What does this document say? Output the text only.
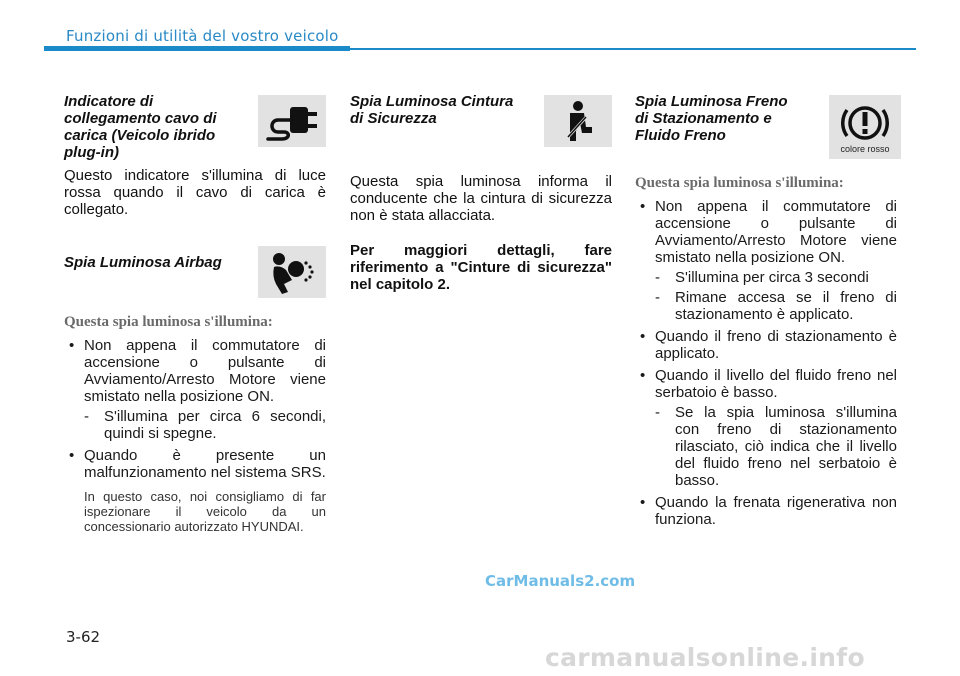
Funzioni di utilità del vostro veicolo
Indicatore di collegamento cavo di carica (Veicolo ibrido plug-in)

Questo indicatore s'illumina di luce rossa quando il cavo di carica è collegato.

Spia Luminosa Airbag

Questa spia luminosa s'illumina:

• Non appena il commutatore di accensione o pulsante di Avviamento/Arresto Motore viene smistato nella posizione ON.
- S'illumina per circa 6 secondi, quindi si spegne.
• Quando è presente un malfunzionamento nel sistema SRS.

In questo caso, noi consigliamo di far ispezionare il veicolo da un concessionario autorizzato HYUNDAI.

Spia Luminosa Cintura di Sicurezza

Questa spia luminosa informa il conducente che la cintura di sicurezza non è stata allacciata.

Per maggiori dettagli, fare riferimento a "Cinture di sicurezza" nel capitolo 2.

Spia Luminosa Freno di Stazionamento e Fluido Freno
colore rosso

Questa spia luminosa s'illumina:

• Non appena il commutatore di accensione o pulsante di Avviamento/Arresto Motore viene smistato nella posizione ON.
- S'illumina per circa 3 secondi
- Rimane accesa se il freno di stazionamento è applicato.
• Quando il freno di stazionamento è applicato.
• Quando il livello del fluido freno nel serbatoio è basso.
- Se la spia luminosa s'illumina con freno di stazionamento rilasciato, ciò indica che il livello del fluido freno nel serbatoio è basso.
• Quando la frenata rigenerativa non funziona.
CarManuals2.com
3-62
carmanualsonline.info
